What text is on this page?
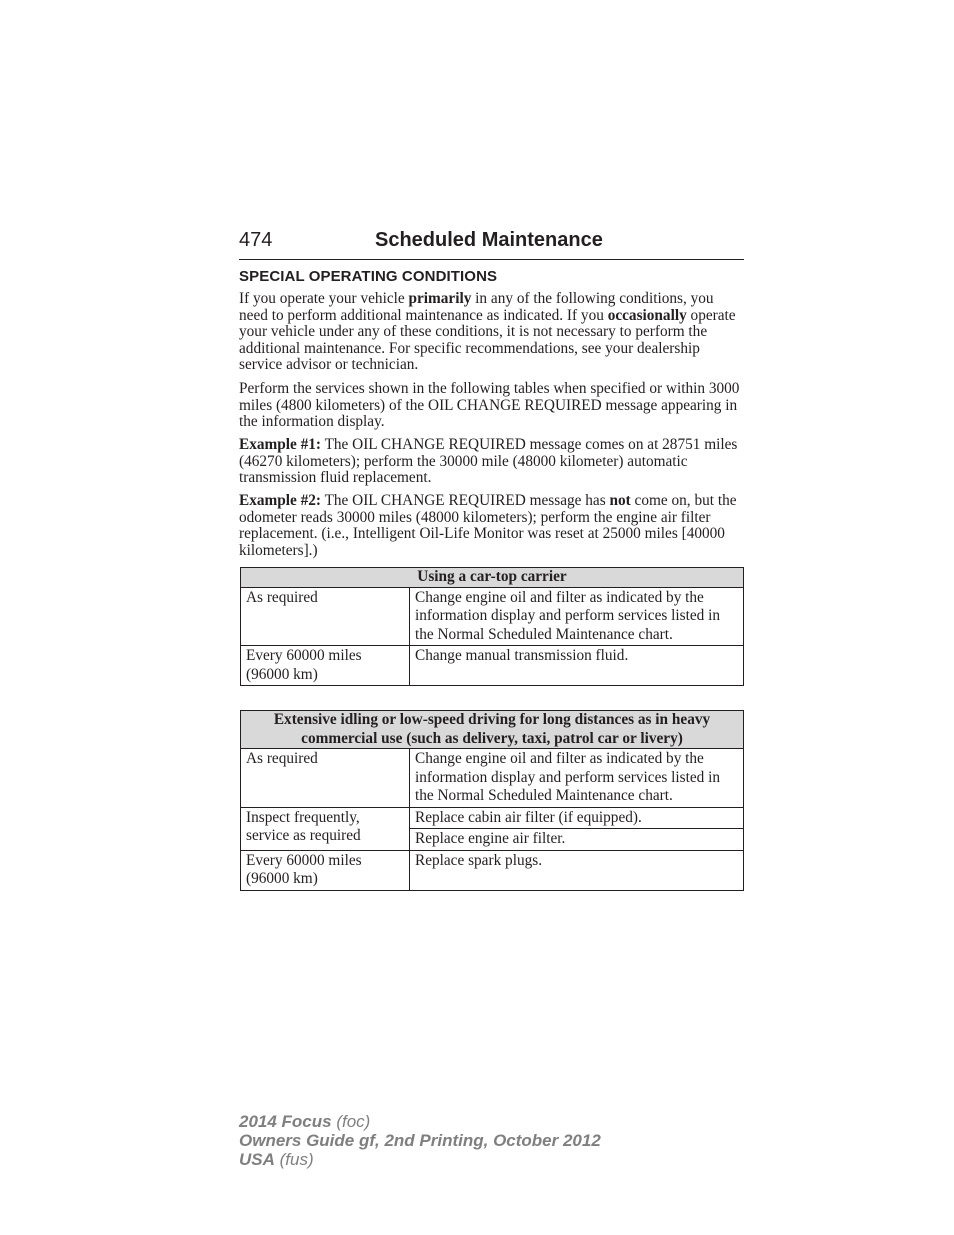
474	Scheduled Maintenance
SPECIAL OPERATING CONDITIONS
If you operate your vehicle primarily in any of the following conditions, you need to perform additional maintenance as indicated. If you occasionally operate your vehicle under any of these conditions, it is not necessary to perform the additional maintenance. For specific recommendations, see your dealership service advisor or technician.
Perform the services shown in the following tables when specified or within 3000 miles (4800 kilometers) of the OIL CHANGE REQUIRED message appearing in the information display.
Example #1: The OIL CHANGE REQUIRED message comes on at 28751 miles (46270 kilometers); perform the 30000 mile (48000 kilometer) automatic transmission fluid replacement.
Example #2: The OIL CHANGE REQUIRED message has not come on, but the odometer reads 30000 miles (48000 kilometers); perform the engine air filter replacement. (i.e., Intelligent Oil-Life Monitor was reset at 25000 miles [40000 kilometers].)
Using a car-top carrier	
As required	Change engine oil and filter as indicated by the information display and perform services listed in the Normal Scheduled Maintenance chart.
Every 60000 miles (96000 km)	Change manual transmission fluid.
Extensive idling or low-speed driving for long distances as in heavy commercial use (such as delivery, taxi, patrol car or livery)	
As required	Change engine oil and filter as indicated by the information display and perform services listed in the Normal Scheduled Maintenance chart.
Inspect frequently, service as required	Replace cabin air filter (if equipped).
	Replace engine air filter.
Every 60000 miles (96000 km)	Replace spark plugs.
2014 Focus (foc)
Owners Guide gf, 2nd Printing, October 2012
USA (fus)
